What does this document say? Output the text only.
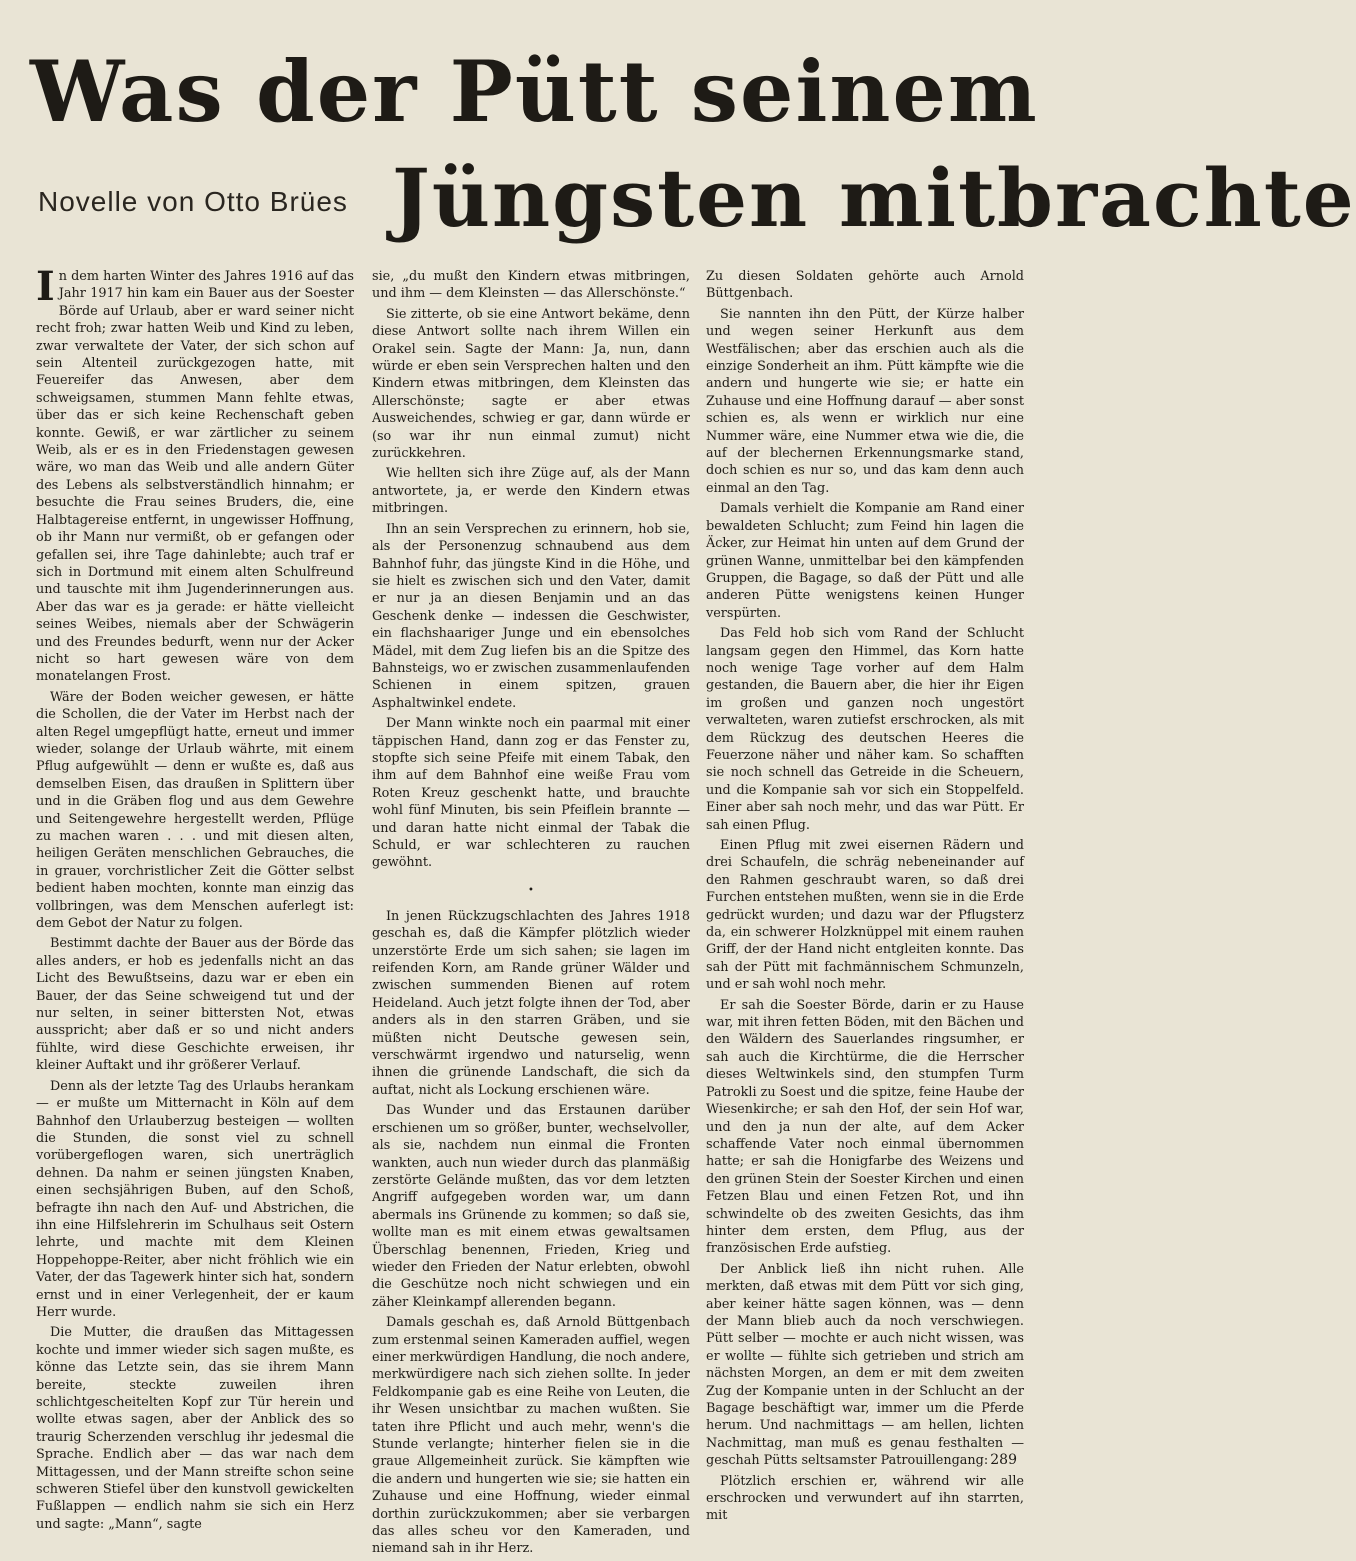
Was der Pütt seinem
Novelle von Otto Brües Jüngsten mitbrachte

In dem harten Winter des Jahres 1916 auf das Jahr 1917 hin kam ein Bauer aus der Soester Börde auf Urlaub, aber er ward seiner nicht recht froh; zwar hatten Weib und Kind zu leben, zwar verwaltete der Vater, der sich schon auf sein Altenteil zurückgezogen hatte, mit Feuereifer das Anwesen, aber dem schweigsamen, stummen Mann fehlte etwas, über das er sich keine Rechenschaft geben konnte. Gewiß, er war zärtlicher zu seinem Weib, als er es in den Friedenstagen gewesen wäre, wo man das Weib und alle andern Güter des Lebens als selbstverständlich hinnahm; er besuchte die Frau seines Bruders, die, eine Halbtagereise entfernt, in ungewisser Hoffnung, ob ihr Mann nur vermißt, ob er gefangen oder gefallen sei, ihre Tage dahinlebte; auch traf er sich in Dortmund mit einem alten Schulfreund und tauschte mit ihm Jugenderinnerungen aus. Aber das war es ja gerade: er hätte vielleicht seines Weibes, niemals aber der Schwägerin und des Freundes bedurft, wenn nur der Acker nicht so hart gewesen wäre von dem monatelangen Frost.

Wäre der Boden weicher gewesen, er hätte die Schollen, die der Vater im Herbst nach der alten Regel umgepflügt hatte, erneut und immer wieder, solange der Urlaub währte, mit einem Pflug aufgewühlt — denn er wußte es, daß aus demselben Eisen, das draußen in Splittern über und in die Gräben flog und aus dem Gewehre und Seitengewehre hergestellt werden, Pflüge zu machen waren . . . und mit diesen alten, heiligen Geräten menschlichen Gebrauches, die in grauer, vorchristlicher Zeit die Götter selbst bedient haben mochten, konnte man einzig das vollbringen, was dem Menschen auferlegt ist: dem Gebot der Natur zu folgen.

Bestimmt dachte der Bauer aus der Börde das alles anders, er hob es jedenfalls nicht an das Licht des Bewußtseins, dazu war er eben ein Bauer, der das Seine schweigend tut und der nur selten, in seiner bittersten Not, etwas ausspricht; aber daß er so und nicht anders fühlte, wird diese Geschichte erweisen, ihr kleiner Auftakt und ihr größerer Verlauf.

Denn als der letzte Tag des Urlaubs herankam — er mußte um Mitternacht in Köln auf dem Bahnhof den Urlauberzug besteigen — wollten die Stunden, die sonst viel zu schnell vorübergeflogen waren, sich unerträglich dehnen. Da nahm er seinen jüngsten Knaben, einen sechsjährigen Buben, auf den Schoß, befragte ihn nach den Auf- und Abstrichen, die ihn eine Hilfslehrerin im Schulhaus seit Ostern lehrte, und machte mit dem Kleinen Hoppehoppe-Reiter, aber nicht fröhlich wie ein Vater, der das Tagewerk hinter sich hat, sondern ernst und in einer Verlegenheit, der er kaum Herr wurde.

Die Mutter, die draußen das Mittagessen kochte und immer wieder sich sagen mußte, es könne das Letzte sein, das sie ihrem Mann bereite, steckte zuweilen ihren schlichtgescheitelten Kopf zur Tür herein und wollte etwas sagen, aber der Anblick des so traurig Scherzenden verschlug ihr jedesmal die Sprache. Endlich aber — das war nach dem Mittagessen, und der Mann streifte schon seine schweren Stiefel über den kunstvoll gewickelten Fußlappen — endlich nahm sie sich ein Herz und sagte: „Mann“, sagte

sie, „du mußt den Kindern etwas mitbringen, und ihm — dem Kleinsten — das Allerschönste.“

Sie zitterte, ob sie eine Antwort bekäme, denn diese Antwort sollte nach ihrem Willen ein Orakel sein. Sagte der Mann: Ja, nun, dann würde er eben sein Versprechen halten und den Kindern etwas mitbringen, dem Kleinsten das Allerschönste; sagte er aber etwas Ausweichendes, schwieg er gar, dann würde er (so war ihr nun einmal zumut) nicht zurückkehren.

Wie hellten sich ihre Züge auf, als der Mann antwortete, ja, er werde den Kindern etwas mitbringen.

Ihn an sein Versprechen zu erinnern, hob sie, als der Personenzug schnaubend aus dem Bahnhof fuhr, das jüngste Kind in die Höhe, und sie hielt es zwischen sich und den Vater, damit er nur ja an diesen Benjamin und an das Geschenk denke — indessen die Geschwister, ein flachshaariger Junge und ein ebensolches Mädel, mit dem Zug liefen bis an die Spitze des Bahnsteigs, wo er zwischen zusammenlaufenden Schienen in einem spitzen, grauen Asphaltwinkel endete.

Der Mann winkte noch ein paarmal mit einer täppischen Hand, dann zog er das Fenster zu, stopfte sich seine Pfeife mit einem Tabak, den ihm auf dem Bahnhof eine weiße Frau vom Roten Kreuz geschenkt hatte, und brauchte wohl fünf Minuten, bis sein Pfeiflein brannte — und daran hatte nicht einmal der Tabak die Schuld, er war schlechteren zu rauchen gewöhnt.

•

In jenen Rückzugschlachten des Jahres 1918 geschah es, daß die Kämpfer plötzlich wieder unzerstörte Erde um sich sahen; sie lagen im reifenden Korn, am Rande grüner Wälder und zwischen summenden Bienen auf rotem Heideland. Auch jetzt folgte ihnen der Tod, aber anders als in den starren Gräben, und sie müßten nicht Deutsche gewesen sein, verschwärmt irgendwo und naturselig, wenn ihnen die grünende Landschaft, die sich da auftat, nicht als Lockung erschienen wäre.

Das Wunder und das Erstaunen darüber erschienen um so größer, bunter, wechselvoller, als sie, nachdem nun einmal die Fronten wankten, auch nun wieder durch das planmäßig zerstörte Gelände mußten, das vor dem letzten Angriff aufgegeben worden war, um dann abermals ins Grünende zu kommen; so daß sie, wollte man es mit einem etwas gewaltsamen Überschlag benennen, Frieden, Krieg und wieder den Frieden der Natur erlebten, obwohl die Geschütze noch nicht schwiegen und ein zäher Kleinkampf allerenden begann.

Damals geschah es, daß Arnold Büttgenbach zum erstenmal seinen Kameraden auffiel, wegen einer merkwürdigen Handlung, die noch andere, merkwürdigere nach sich ziehen sollte. In jeder Feldkompanie gab es eine Reihe von Leuten, die ihr Wesen unsichtbar zu machen wußten. Sie taten ihre Pflicht und auch mehr, wenn's die Stunde verlangte; hinterher fielen sie in die graue Allgemeinheit zurück. Sie kämpften wie die andern und hungerten wie sie; sie hatten ein Zuhause und eine Hoffnung, wieder einmal dorthin zurückzukommen; aber sie verbargen das alles scheu vor den Kameraden, und niemand sah in ihr Herz.

Zu diesen Soldaten gehörte auch Arnold Büttgenbach.

Sie nannten ihn den Pütt, der Kürze halber und wegen seiner Herkunft aus dem Westfälischen; aber das erschien auch als die einzige Sonderheit an ihm. Pütt kämpfte wie die andern und hungerte wie sie; er hatte ein Zuhause und eine Hoffnung darauf — aber sonst schien es, als wenn er wirklich nur eine Nummer wäre, eine Nummer etwa wie die, die auf der blechernen Erkennungsmarke stand, doch schien es nur so, und das kam denn auch einmal an den Tag.

Damals verhielt die Kompanie am Rand einer bewaldeten Schlucht; zum Feind hin lagen die Äcker, zur Heimat hin unten auf dem Grund der grünen Wanne, unmittelbar bei den kämpfenden Gruppen, die Bagage, so daß der Pütt und alle anderen Pütte wenigstens keinen Hunger verspürten.

Das Feld hob sich vom Rand der Schlucht langsam gegen den Himmel, das Korn hatte noch wenige Tage vorher auf dem Halm gestanden, die Bauern aber, die hier ihr Eigen im großen und ganzen noch ungestört verwalteten, waren zutiefst erschrocken, als mit dem Rückzug des deutschen Heeres die Feuerzone näher und näher kam. So schafften sie noch schnell das Getreide in die Scheuern, und die Kompanie sah vor sich ein Stoppelfeld. Einer aber sah noch mehr, und das war Pütt. Er sah einen Pflug.

Einen Pflug mit zwei eisernen Rädern und drei Schaufeln, die schräg nebeneinander auf den Rahmen geschraubt waren, so daß drei Furchen entstehen mußten, wenn sie in die Erde gedrückt wurden; und dazu war der Pflugsterz da, ein schwerer Holzknüppel mit einem rauhen Griff, der der Hand nicht entgleiten konnte. Das sah der Pütt mit fachmännischem Schmunzeln, und er sah wohl noch mehr.

Er sah die Soester Börde, darin er zu Hause war, mit ihren fetten Böden, mit den Bächen und den Wäldern des Sauerlandes ringsumher, er sah auch die Kirchtürme, die die Herrscher dieses Weltwinkels sind, den stumpfen Turm Patrokli zu Soest und die spitze, feine Haube der Wiesenkirche; er sah den Hof, der sein Hof war, und den ja nun der alte, auf dem Acker schaffende Vater noch einmal übernommen hatte; er sah die Honigfarbe des Weizens und den grünen Stein der Soester Kirchen und einen Fetzen Blau und einen Fetzen Rot, und ihn schwindelte ob des zweiten Gesichts, das ihm hinter dem ersten, dem Pflug, aus der französischen Erde aufstieg.

Der Anblick ließ ihn nicht ruhen. Alle merkten, daß etwas mit dem Pütt vor sich ging, aber keiner hätte sagen können, was — denn der Mann blieb auch da noch verschwiegen. Pütt selber — mochte er auch nicht wissen, was er wollte — fühlte sich getrieben und strich am nächsten Morgen, an dem er mit dem zweiten Zug der Kompanie unten in der Schlucht an der Bagage beschäftigt war, immer um die Pferde herum. Und nachmittags — am hellen, lichten Nachmittag, man muß es genau festhalten — geschah Pütts seltsamster Patrouillengang:

Plötzlich erschien er, während wir alle erschrocken und verwundert auf ihn starrten, mit

289
